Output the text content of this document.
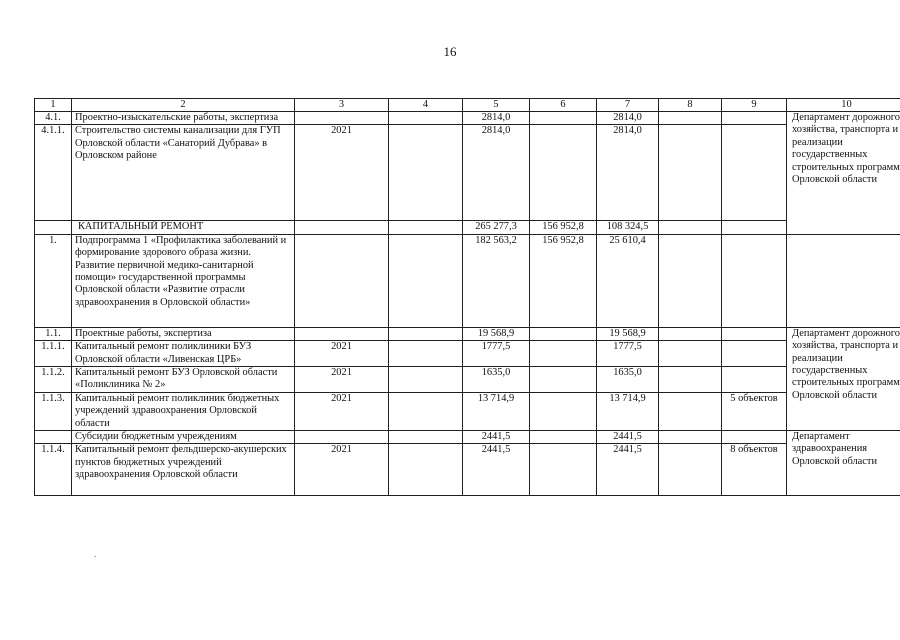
16
1	2	3	4	5	6	7	8	9	10
4.1.	Проектно-изыскательские работы, экспертиза			2814,0		2814,0			Департамент дорожного хозяйства, транспорта и реализации государственных строительных программ Орловской области
4.1.1.	Строительство системы канализации для ГУП Орловской области «Санаторий Дубрава» в Орловском районе	2021		2814,0		2814,0			
	КАПИТАЛЬНЫЙ РЕМОНТ			265 277,3	156 952,8	108 324,5			
1.	Подпрограмма 1 «Профилактика заболеваний и формирование здорового образа жизни. Развитие первичной медико-санитарной помощи» государственной программы Орловской области «Развитие отрасли здравоохранения в Орловской области»			182 563,2	156 952,8	25 610,4			
1.1.	Проектные работы, экспертиза			19 568,9		19 568,9			Департамент дорожного хозяйства, транспорта и реализации государственных строительных программ Орловской области
1.1.1.	Капитальный ремонт поликлиники БУЗ Орловской области «Ливенская ЦРБ»	2021		1777,5		1777,5			
1.1.2.	Капитальный ремонт БУЗ Орловской области «Поликлиника № 2»	2021		1635,0		1635,0			
1.1.3.	Капитальный ремонт поликлиник бюджетных учреждений здравоохранения Орловской области	2021		13 714,9		13 714,9		5 объектов	
	Субсидии бюджетным учреждениям			2441,5		2441,5			Департамент здравоохранения Орловской области
1.1.4.	Капитальный ремонт фельдшерско-акушерских пунктов бюджетных учреждений здравоохранения Орловской области	2021		2441,5		2441,5		8 объектов	
.
